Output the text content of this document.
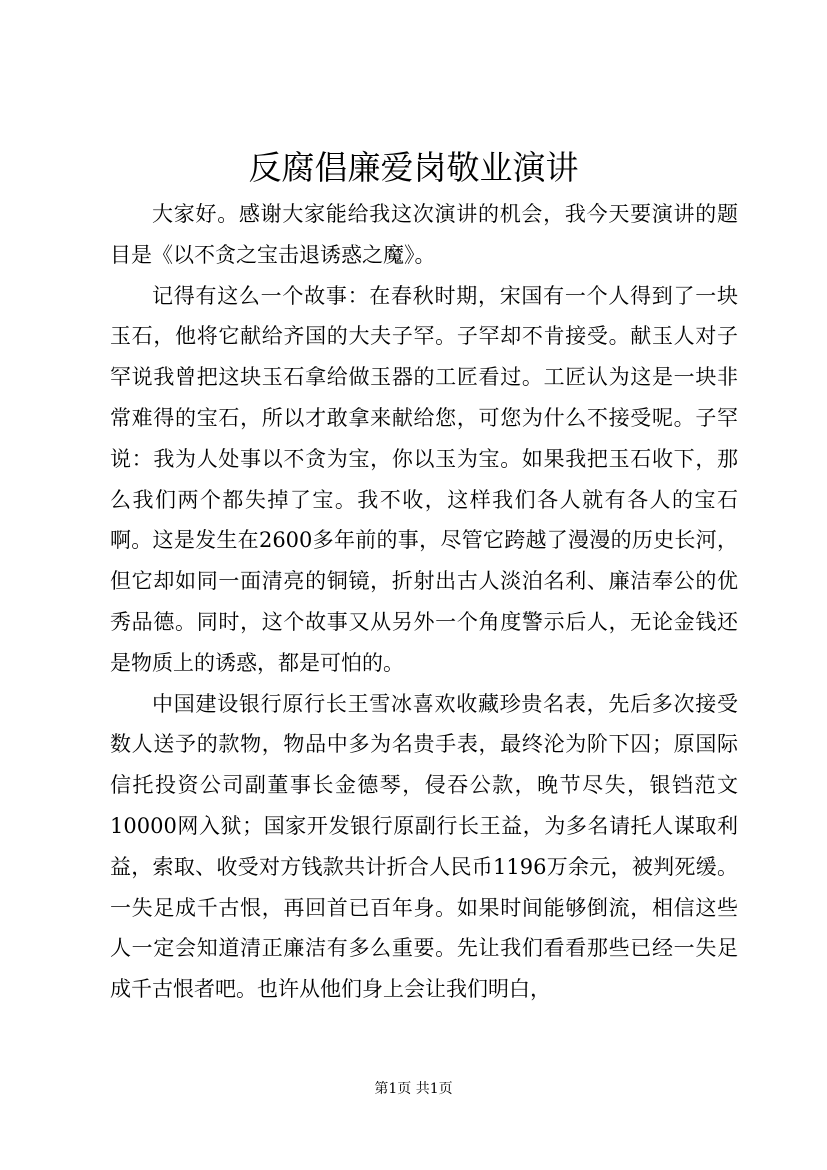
反腐倡廉爱岗敬业演讲

大家好。感谢大家能给我这次演讲的机会，我今天要演讲的题目是《以不贪之宝击退诱惑之魔》。

记得有这么一个故事：在春秋时期，宋国有一个人得到了一块玉石，他将它献给齐国的大夫子罕。子罕却不肯接受。献玉人对子罕说我曾把这块玉石拿给做玉器的工匠看过。工匠认为这是一块非常难得的宝石，所以才敢拿来献给您，可您为什么不接受呢。子罕说：我为人处事以不贪为宝，你以玉为宝。如果我把玉石收下，那么我们两个都失掉了宝。我不收，这样我们各人就有各人的宝石啊。这是发生在2600多年前的事，尽管它跨越了漫漫的历史长河，但它却如同一面清亮的铜镜，折射出古人淡泊名利、廉洁奉公的优秀品德。同时，这个故事又从另外一个角度警示后人，无论金钱还是物质上的诱惑，都是可怕的。

中国建设银行原行长王雪冰喜欢收藏珍贵名表，先后多次接受数人送予的款物，物品中多为名贵手表，最终沦为阶下囚；原国际信托投资公司副董事长金德琴，侵吞公款，晚节尽失，银铛范文10000网入狱；国家开发银行原副行长王益，为多名请托人谋取利益，索取、收受对方钱款共计折合人民币1196万余元，被判死缓。一失足成千古恨，再回首已百年身。如果时间能够倒流，相信这些人一定会知道清正廉洁有多么重要。先让我们看看那些已经一失足成千古恨者吧。也许从他们身上会让我们明白，

第1页 共1页
